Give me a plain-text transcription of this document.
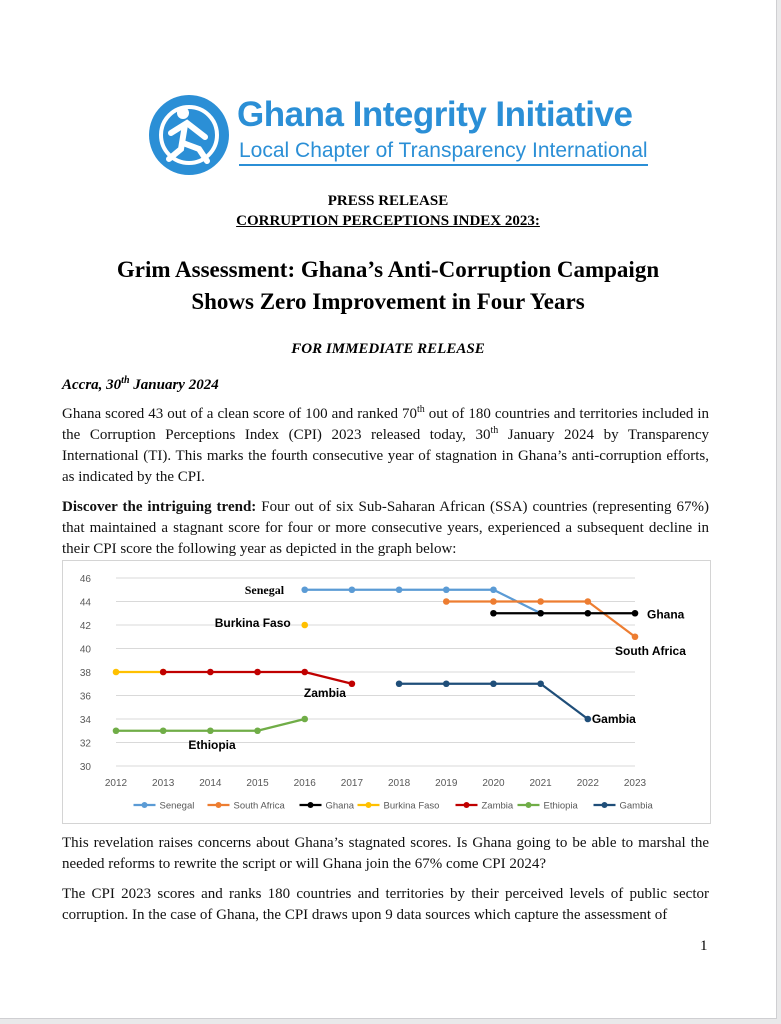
Ghana Integrity Initiative
Local Chapter of Transparency International
PRESS RELEASE
CORRUPTION PERCEPTIONS INDEX 2023:
Grim Assessment: Ghana’s Anti-Corruption Campaign
Shows Zero Improvement in Four Years
FOR IMMEDIATE RELEASE
Accra, 30th January 2024
Ghana scored 43 out of a clean score of 100 and ranked 70th out of 180 countries and territories included in the Corruption Perceptions Index (CPI) 2023 released today, 30th January 2024 by Transparency International (TI). This marks the fourth consecutive year of stagnation in Ghana’s anti-corruption efforts, as indicated by the CPI.
Discover the intriguing trend: Four out of six Sub-Saharan African (SSA) countries (representing 67%) that maintained a stagnant score for four or more consecutive years, experienced a subsequent decline in their CPI score the following year as depicted in the graph below:
30
32
34
36
38
40
42
44
46
2012 2013 2014 2015 2016 2017 2018 2019 2020 2021 2022 2023
Senegal
South Africa
Ghana
Burkina Faso
Zambia
Ethiopia
Gambia
Senegal	South Africa	Ghana	Burkina Faso	Zambia	Ethiopia	Gambia
This revelation raises concerns about Ghana’s stagnated scores. Is Ghana going to be able to marshal the needed reforms to rewrite the script or will Ghana join the 67% come CPI 2024?
The CPI 2023 scores and ranks 180 countries and territories by their perceived levels of public sector corruption. In the case of Ghana, the CPI draws upon 9 data sources which capture the assessment of
1
